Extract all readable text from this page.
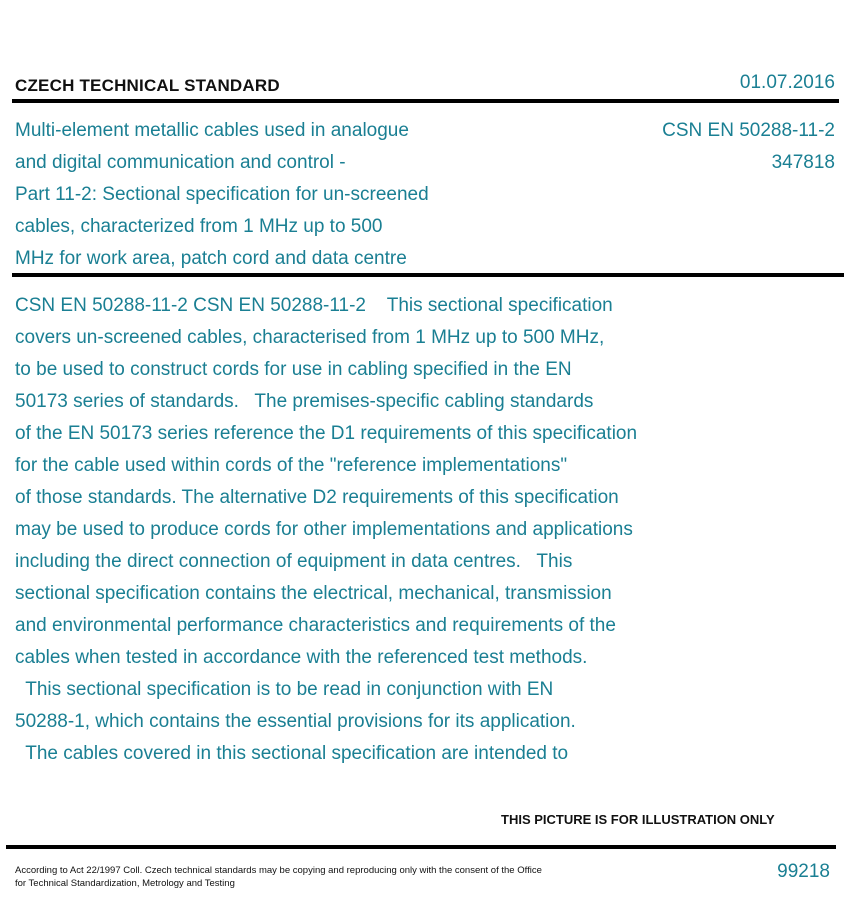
CZECH TECHNICAL STANDARD	01.07.2016
Multi-element metallic cables used in analogue
and digital communication and control -
Part 11-2: Sectional specification for un-screened
cables, characterized from 1 MHz up to 500
MHz for work area, patch cord and data centre
CSN EN 50288-11-2
347818
CSN EN 50288-11-2 CSN EN 50288-11-2    This sectional specification
covers un-screened cables, characterised from 1 MHz up to 500 MHz,
to be used to construct cords for use in cabling specified in the EN
50173 series of standards.   The premises-specific cabling standards
of the EN 50173 series reference the D1 requirements of this specification
for the cable used within cords of the "reference implementations"
of those standards. The alternative D2 requirements of this specification
may be used to produce cords for other implementations and applications
including the direct connection of equipment in data centres.   This
sectional specification contains the electrical, mechanical, transmission
and environmental performance characteristics and requirements of the
cables when tested in accordance with the referenced test methods.
This sectional specification is to be read in conjunction with EN
50288-1, which contains the essential provisions for its application.
The cables covered in this sectional specification are intended to
THIS PICTURE IS FOR ILLUSTRATION ONLY
According to Act 22/1997 Coll. Czech technical standards may be copying and reproducing only with the consent of the Office
for Technical Standardization, Metrology and Testing
99218
